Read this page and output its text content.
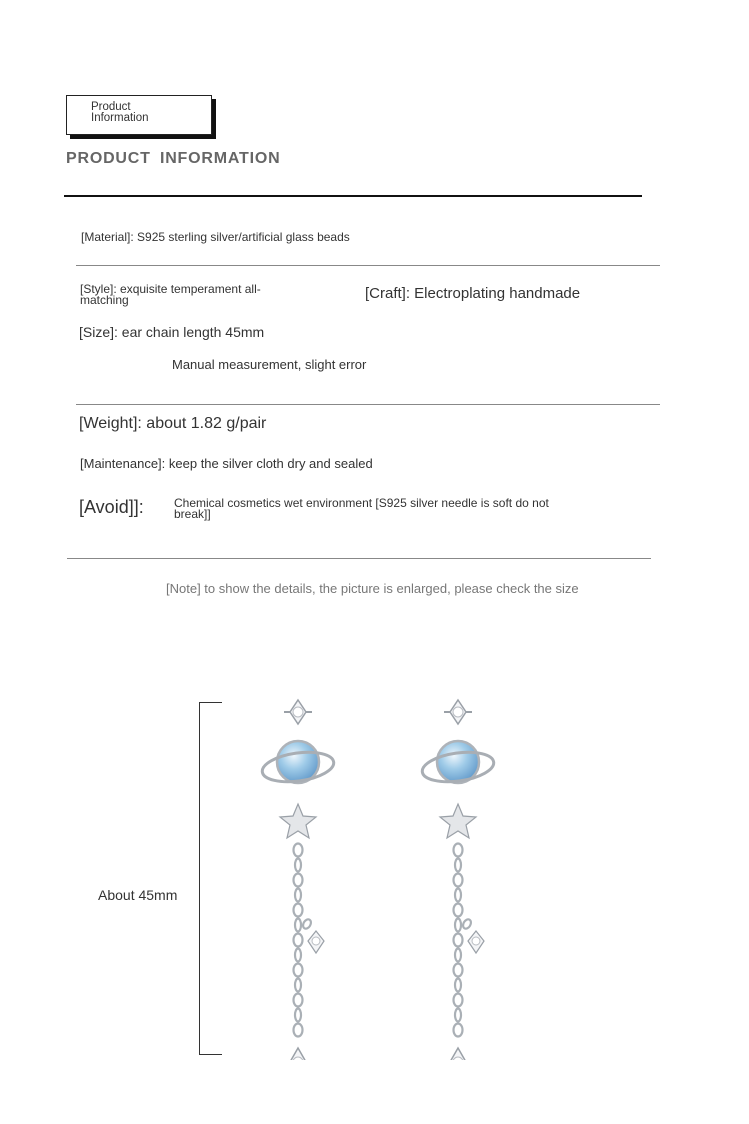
Product
Information
PRODUCT INFORMATION
[Material]: S925 sterling silver/artificial glass beads
[Style]: exquisite temperament all-matching	[Craft]: Electroplating handmade
[Size]: ear chain length 45mm
Manual measurement, slight error
[Weight]: about 1.82 g/pair
[Maintenance]: keep the silver cloth dry and sealed
[Avoid]]:	Chemical cosmetics wet environment [S925 silver needle is soft do not break]]
[Note] to show the details, the picture is enlarged, please check the size
About 45mm
